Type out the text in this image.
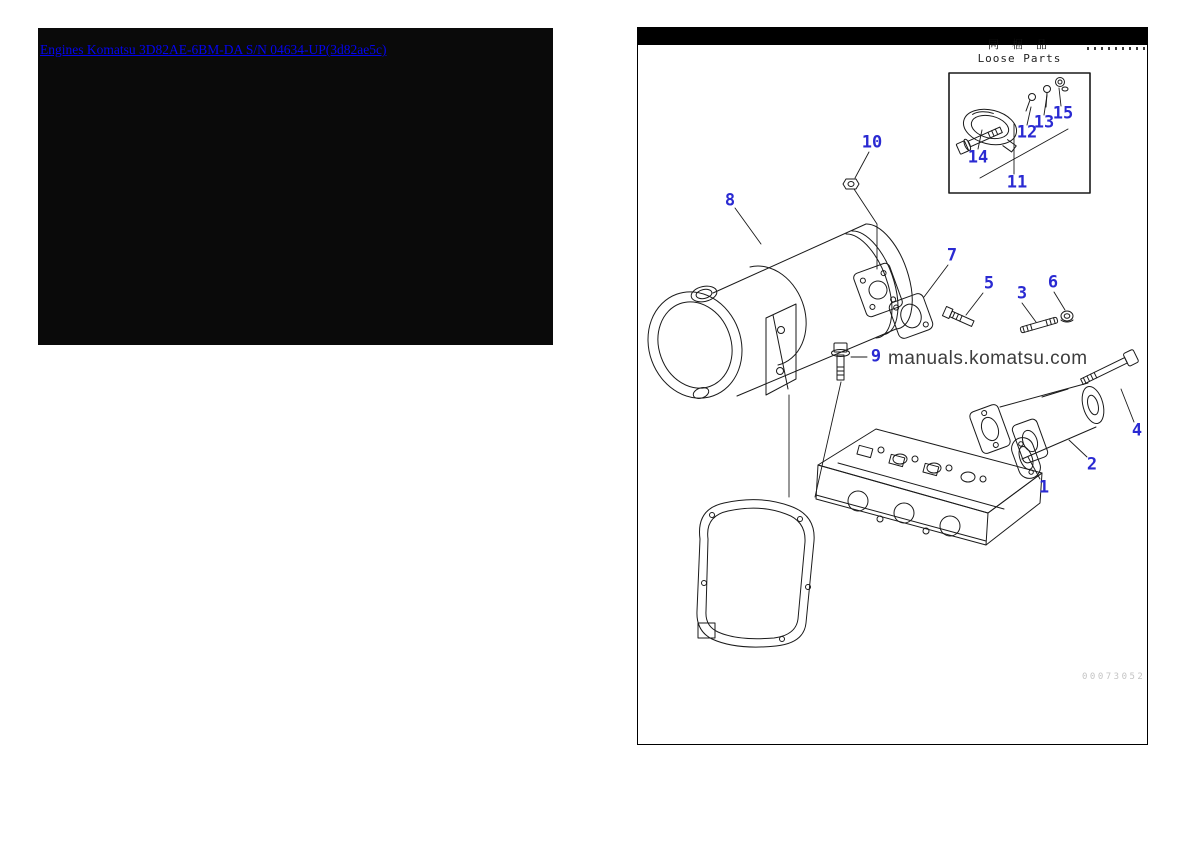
Engines Komatsu 3D82AE-6BM-DA S/N 04634-UP(3d82ae5c)	同 梱 品
Loose Parts
manuals.komatsu.com
00073052
1
2
3
4
5	6
7
8
9
10
11
12
13
14
15
